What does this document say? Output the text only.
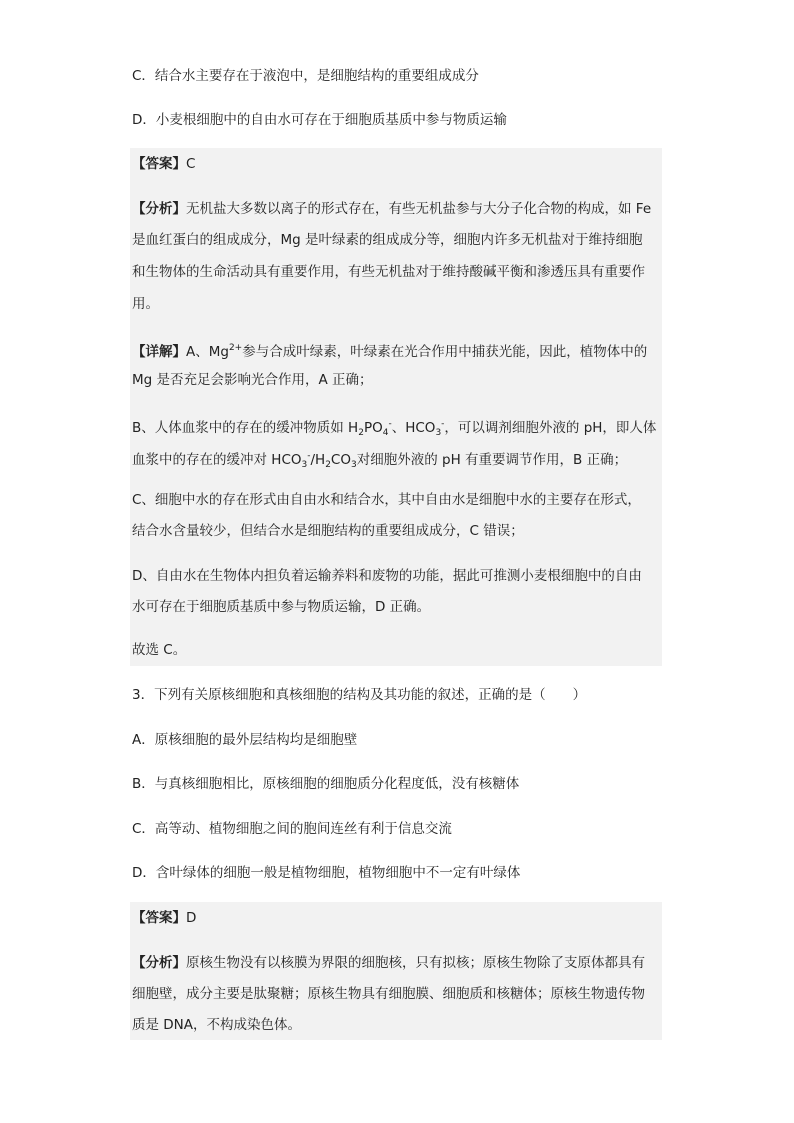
C．结合水主要存在于液泡中，是细胞结构的重要组成成分
D．小麦根细胞中的自由水可存在于细胞质基质中参与物质运输
【答案】C
【分析】无机盐大多数以离子的形式存在，有些无机盐参与大分子化合物的构成，如 Fe
是血红蛋白的组成成分，Mg 是叶绿素的组成成分等，细胞内许多无机盐对于维持细胞
和生物体的生命活动具有重要作用，有些无机盐对于维持酸碱平衡和渗透压具有重要作
用。
【详解】A、$Mg^{2+}$参与合成叶绿素，叶绿素在光合作用中捕获光能，因此，植物体中的
Mg 是否充足会影响光合作用，A 正确；
B、人体血浆中的存在的缓冲物质如 $H_2PO_4^-$、$HCO_3^-$，可以调剂细胞外液的 pH，即人体
血浆中的存在的缓冲对 $HCO_3^-/H_2CO_3$对细胞外液的 pH 有重要调节作用，B 正确；
C、细胞中水的存在形式由自由水和结合水，其中自由水是细胞中水的主要存在形式，
结合水含量较少，但结合水是细胞结构的重要组成成分，C 错误；
D、自由水在生物体内担负着运输养料和废物的功能，据此可推测小麦根细胞中的自由
水可存在于细胞质基质中参与物质运输，D 正确。
故选 C。
3．下列有关原核细胞和真核细胞的结构及其功能的叙述，正确的是（　　）
A．原核细胞的最外层结构均是细胞壁
B．与真核细胞相比，原核细胞的细胞质分化程度低，没有核糖体
C．高等动、植物细胞之间的胞间连丝有利于信息交流
D．含叶绿体的细胞一般是植物细胞，植物细胞中不一定有叶绿体
【答案】D
【分析】原核生物没有以核膜为界限的细胞核，只有拟核；原核生物除了支原体都具有
细胞壁，成分主要是肽聚糖；原核生物具有细胞膜、细胞质和核糖体；原核生物遗传物
质是 DNA，不构成染色体。
